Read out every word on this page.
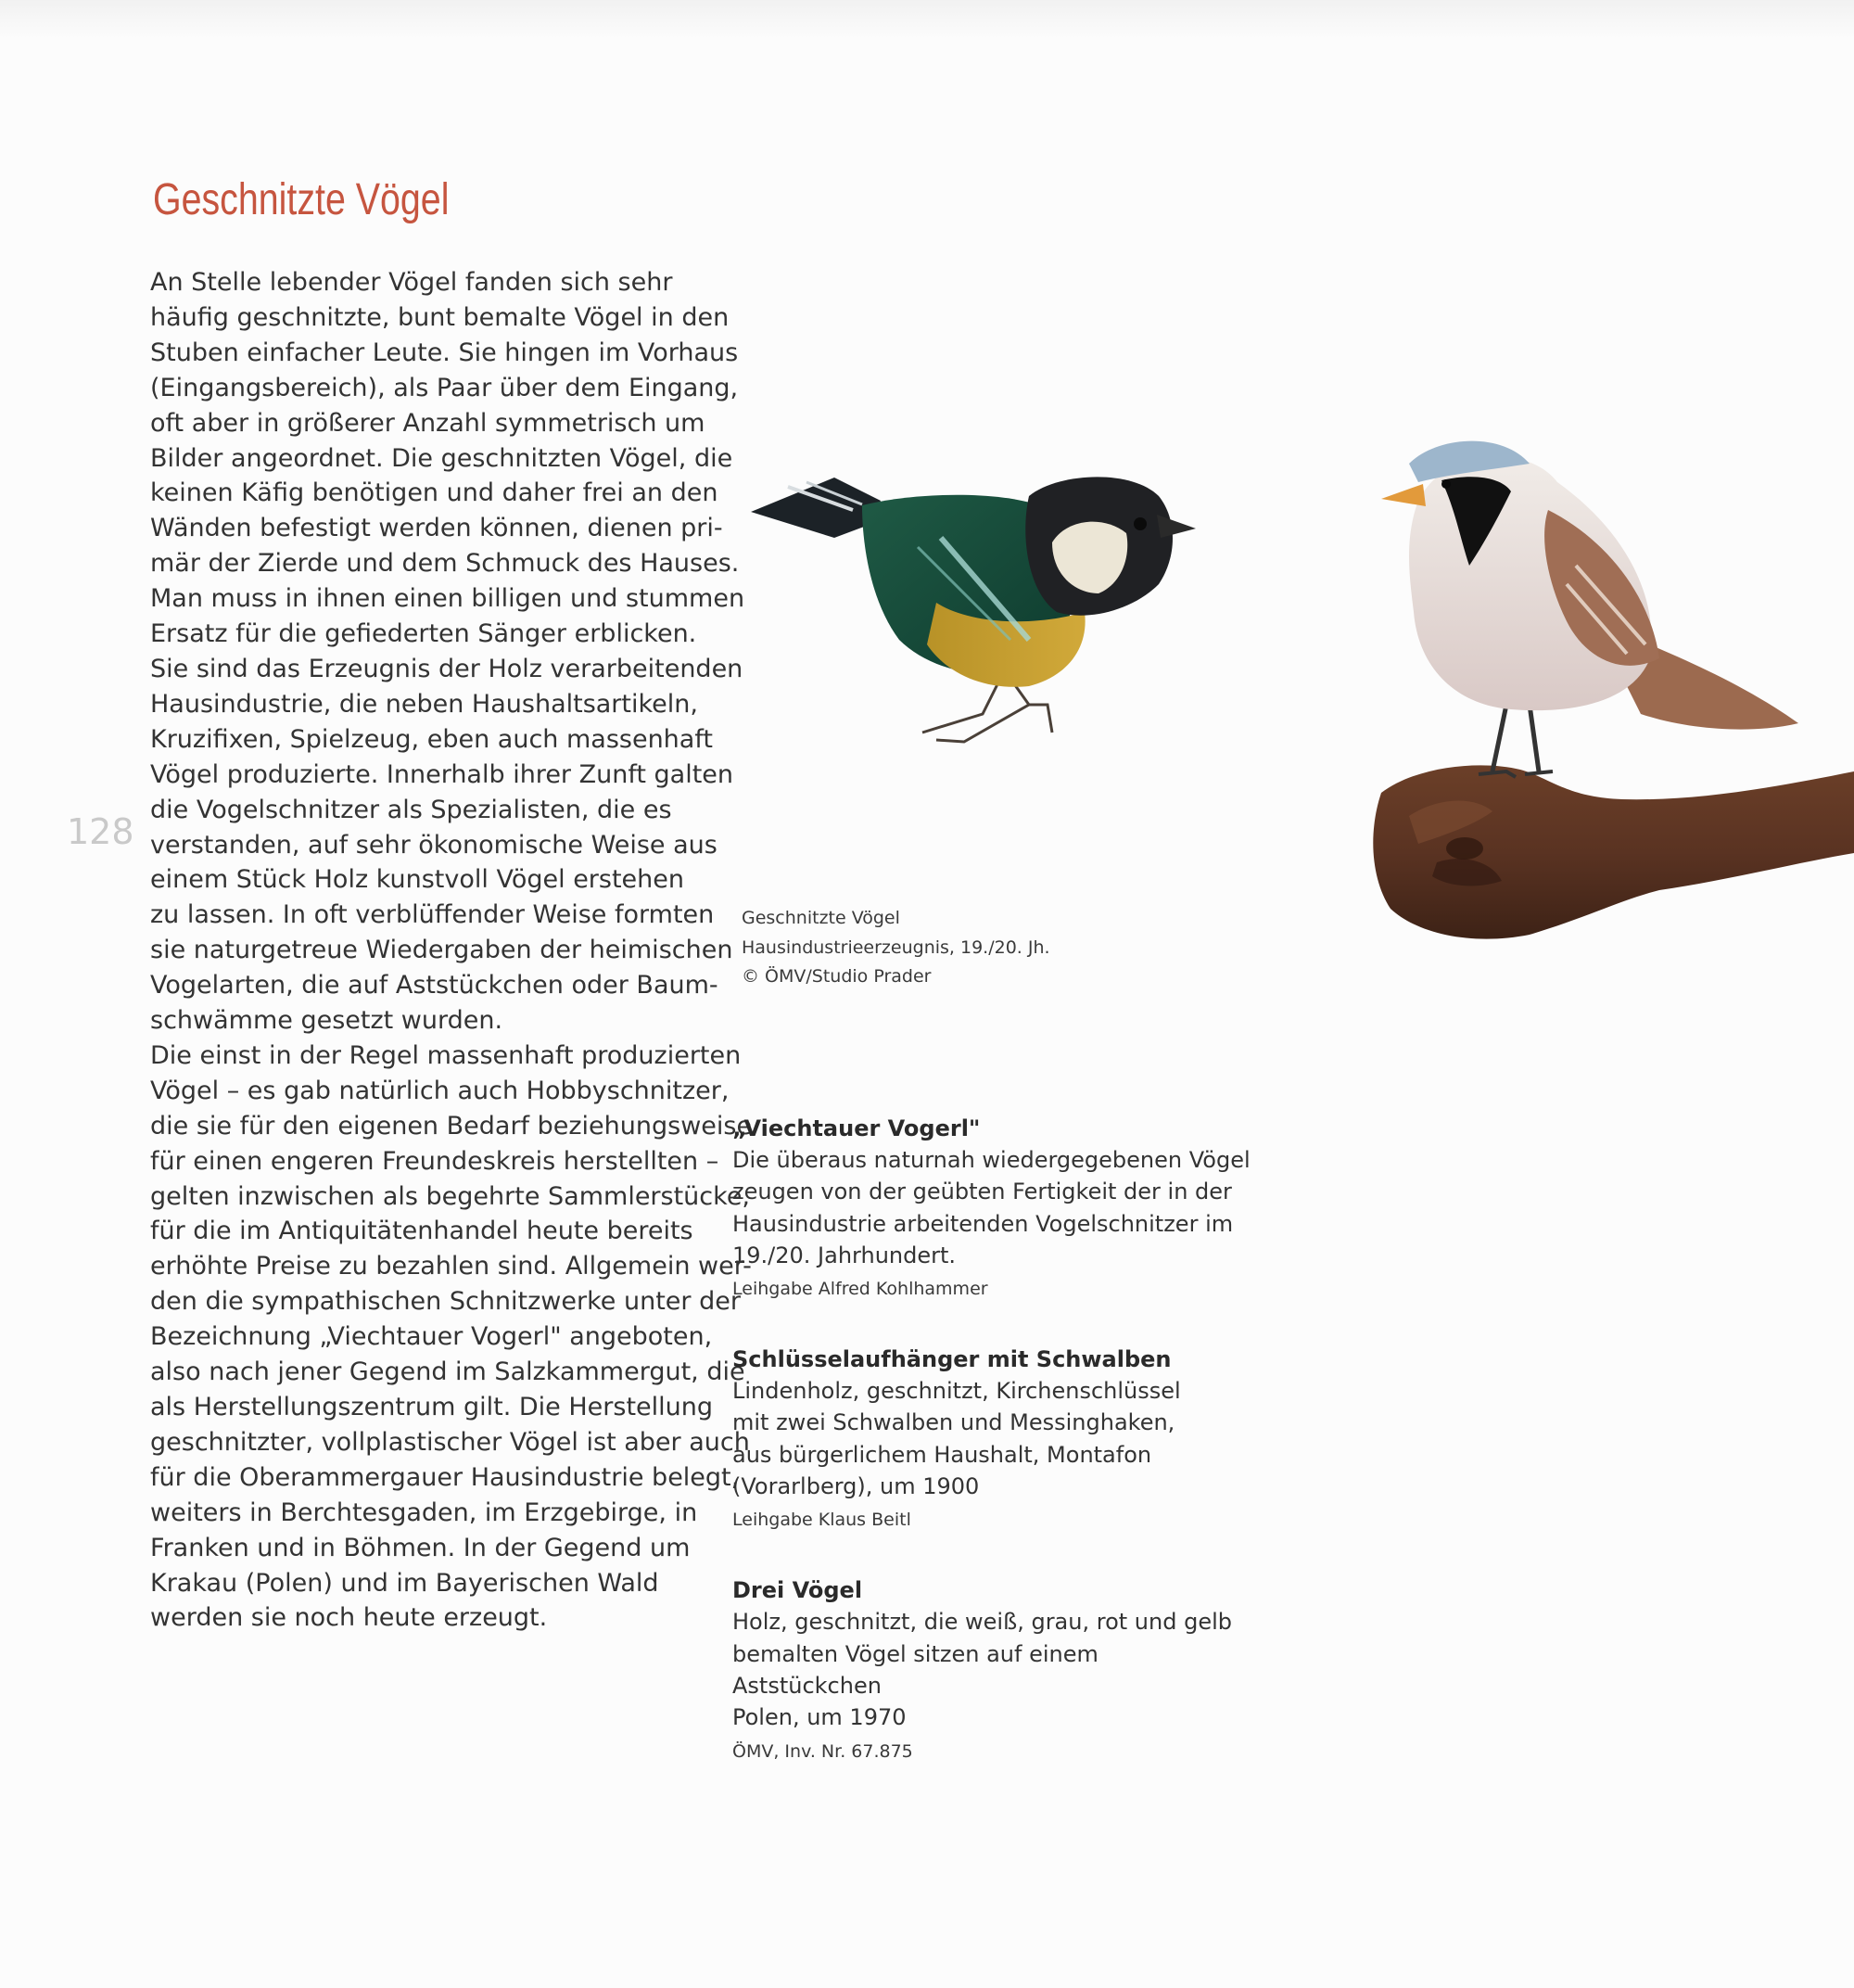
Geschnitzte Vögel
128
An Stelle lebender Vögel fanden sich sehr
häufig geschnitzte, bunt bemalte Vögel in den
Stuben einfacher Leute. Sie hingen im Vorhaus
(Eingangsbereich), als Paar über dem Eingang,
oft aber in größerer Anzahl symmetrisch um
Bilder angeordnet. Die geschnitzten Vögel, die
keinen Käfig benötigen und daher frei an den
Wänden befestigt werden können, dienen pri-
mär der Zierde und dem Schmuck des Hauses.
Man muss in ihnen einen billigen und stummen
Ersatz für die gefiederten Sänger erblicken.
Sie sind das Erzeugnis der Holz verarbeitenden
Hausindustrie, die neben Haushaltsartikeln,
Kruzifixen, Spielzeug, eben auch massenhaft
Vögel produzierte. Innerhalb ihrer Zunft galten
die Vogelschnitzer als Spezialisten, die es
verstanden, auf sehr ökonomische Weise aus
einem Stück Holz kunstvoll Vögel erstehen
zu lassen. In oft verblüffender Weise formten
sie naturgetreue Wiedergaben der heimischen
Vogelarten, die auf Aststückchen oder Baum-
schwämme gesetzt wurden.
Die einst in der Regel massenhaft produzierten
Vögel – es gab natürlich auch Hobbyschnitzer,
die sie für den eigenen Bedarf beziehungsweise
für einen engeren Freundeskreis herstellten –
gelten inzwischen als begehrte Sammlerstücke,
für die im Antiquitätenhandel heute bereits
erhöhte Preise zu bezahlen sind. Allgemein wer-
den die sympathischen Schnitzwerke unter der
Bezeichnung „Viechtauer Vogerl" angeboten,
also nach jener Gegend im Salzkammergut, die
als Herstellungszentrum gilt. Die Herstellung
geschnitzter, vollplastischer Vögel ist aber auch
für die Oberammergauer Hausindustrie belegt,
weiters in Berchtesgaden, im Erzgebirge, in
Franken und in Böhmen. In der Gegend um
Krakau (Polen) und im Bayerischen Wald
werden sie noch heute erzeugt.
Geschnitzte Vögel
Hausindustrieerzeugnis, 19./20. Jh.
© ÖMV/Studio Prader
„Viechtauer Vogerl"
Die überaus naturnah wiedergegebenen Vögel
zeugen von der geübten Fertigkeit der in der
Hausindustrie arbeitenden Vogelschnitzer im
19./20. Jahrhundert.
Leihgabe Alfred Kohlhammer
Schlüsselaufhänger mit Schwalben
Lindenholz, geschnitzt, Kirchenschlüssel
mit zwei Schwalben und Messinghaken,
aus bürgerlichem Haushalt, Montafon
(Vorarlberg), um 1900
Leihgabe Klaus Beitl
Drei Vögel
Holz, geschnitzt, die weiß, grau, rot und gelb
bemalten Vögel sitzen auf einem
Aststückchen
Polen, um 1970
ÖMV, Inv. Nr. 67.875
